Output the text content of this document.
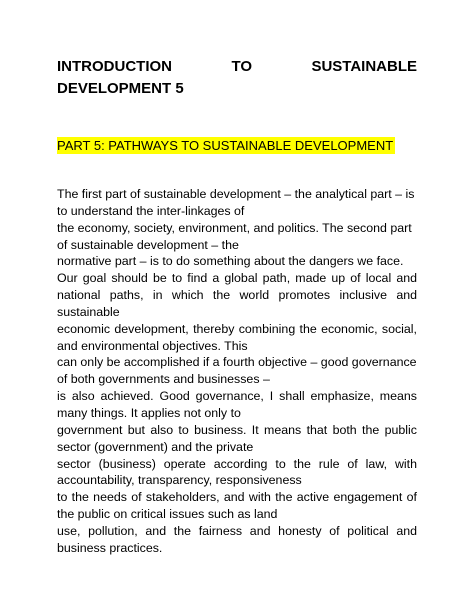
INTRODUCTION	TO	SUSTAINABLE
DEVELOPMENT 5
PART 5: PATHWAYS TO SUSTAINABLE DEVELOPMENT
The first part of sustainable development – the analytical part – is
to understand the inter-linkages of
the economy, society, environment, and politics. The second part
of sustainable development – the
normative part – is to do something about the dangers we face.
Our goal should be to find a global path, made up of local and
national paths, in which the world promotes inclusive and
sustainable
economic development, thereby combining the economic, social,
and environmental objectives. This
can only be accomplished if a fourth objective – good governance
of both governments and businesses –
is also achieved. Good governance, I shall emphasize, means
many things. It applies not only to
government but also to business. It means that both the public
sector (government) and the private
sector (business) operate according to the rule of law, with
accountability, transparency, responsiveness
to the needs of stakeholders, and with the active engagement of
the public on critical issues such as land
use, pollution, and the fairness and honesty of political and
business practices.
